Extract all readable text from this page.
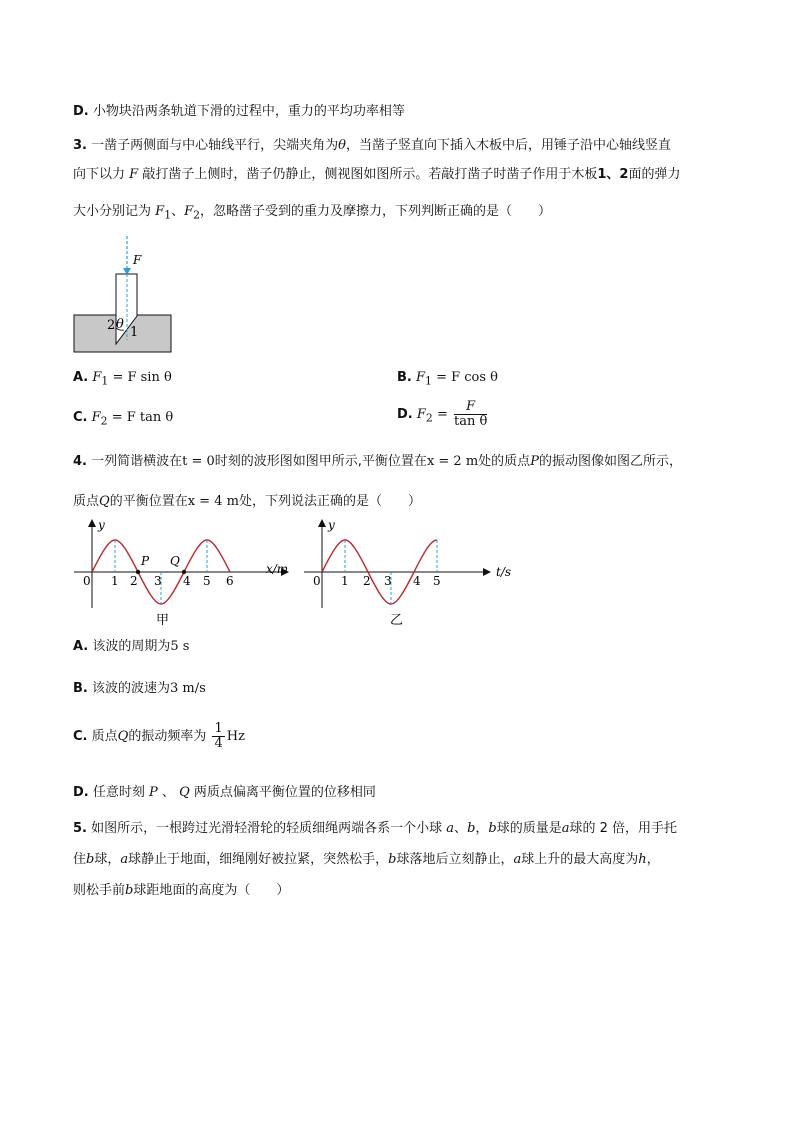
D. 小物块沿两条轨道下滑的过程中，重力的平均功率相等
3. 一凿子两侧面与中心轴线平行，尖端夹角为θ，当凿子竖直向下插入木板中后，用锤子沿中心轴线竖直
向下以力 F 敲打凿子上侧时，凿子仍静止，侧视图如图所示。若敲打凿子时凿子作用于木板1、2面的弹力
大小分别记为 $F_1$、$F_2$，忽略凿子受到的重力及摩擦力，下列判断正确的是（　　）
F
2 θ
1
A. $F_1 = F$ sin θ	B. $F_1 = F$ cos θ
C. $F_2 = F$ tan θ	D. $F_2 = \frac{F}{\text{tan θ}}$
4. 一列简谐横波在t = 0时刻的波形图如图甲所示,平衡位置在x = 2 m处的质点P的振动图像如图乙所示，
质点Q的平衡位置在x = 4 m处，下列说法正确的是（　　）
P Q
y
x/m
0 1 2 3 4 5 6
甲
y
t/s
0 1 2 3 4 5
乙
A. 该波的周期为5 s
B. 该波的波速为3 m/s
C. 质点Q的振动频率为 $\frac{1}{4}$ Hz
D. 任意时刻 P 、 Q 两质点偏离平衡位置的位移相同
5. 如图所示，一根跨过光滑轻滑轮的轻质细绳两端各系一个小球 a、b，b球的质量是a球的 2 倍，用手托
住b球，a球静止于地面，细绳刚好被拉紧，突然松手，b球落地后立刻静止，a球上升的最大高度为h，
则松手前b球距地面的高度为（　　）
